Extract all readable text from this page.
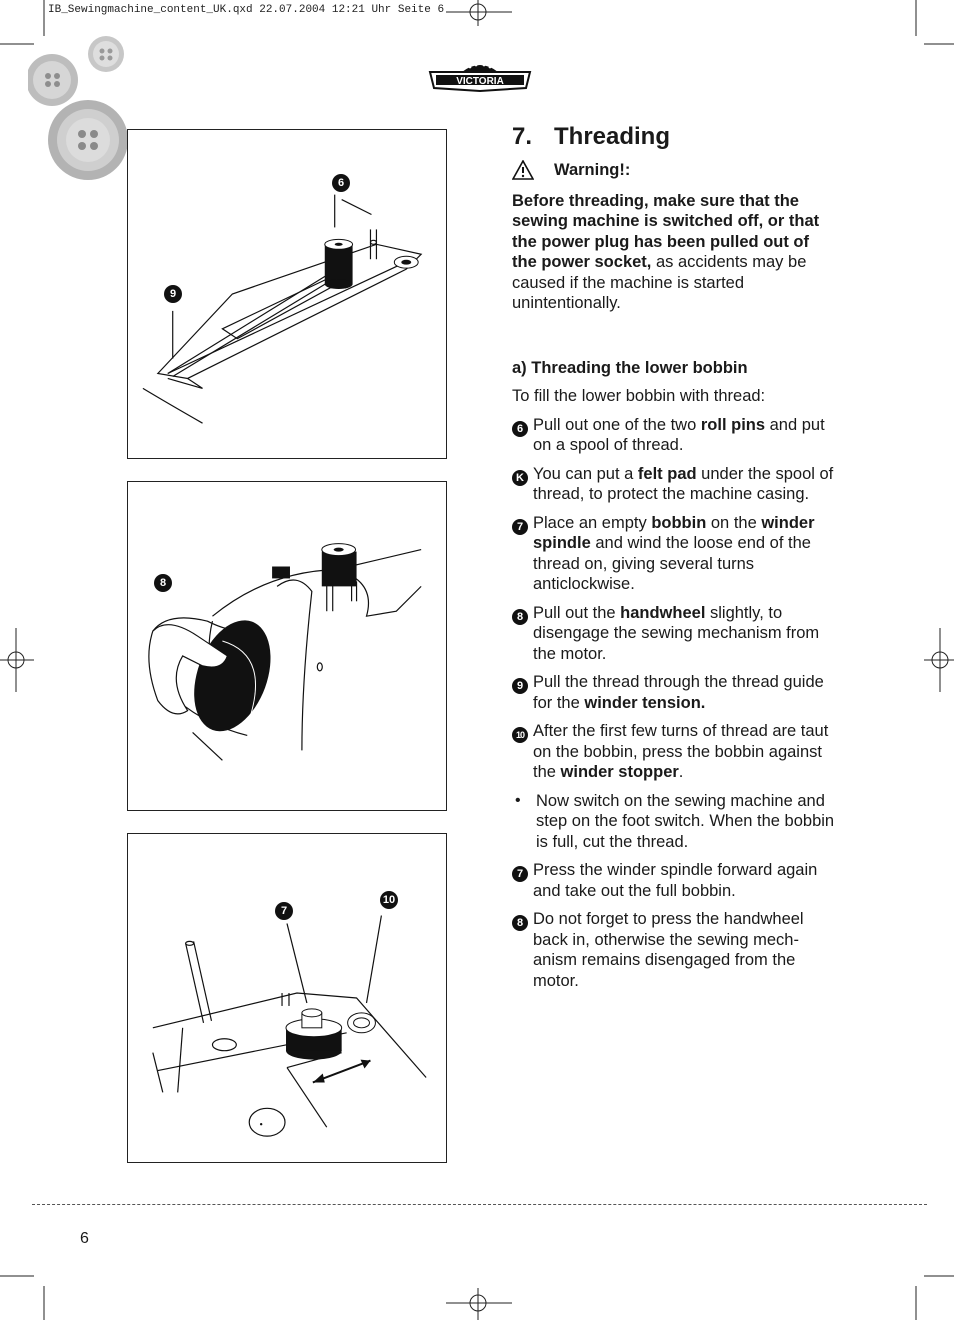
IB_Sewingmachine_content_UK.qxd 22.07.2004 12:21 Uhr Seite 6
VICTORIA
6
9
8
7
10
7. Threading
Warning!:

Before threading, make sure that the sewing machine is switched off, or that the power plug has been pulled out of the power socket, as accidents may be caused if the machine is started unintentionally.

a) Threading the lower bobbin

To fill the lower bobbin with thread:

6 Pull out one of the two roll pins and put on a spool of thread.
K You can put a felt pad under the spool of thread, to protect the machine casing.
7 Place an empty bobbin on the winder spindle and wind the loose end of the thread on, giving several turns anticlockwise.
8 Pull out the handwheel slightly, to disengage the sewing mechanism from the motor.
9 Pull the thread through the thread guide for the winder tension.
10 After the first few turns of thread are taut on the bobbin, press the bobbin against the winder stopper.
• Now switch on the sewing machine and step on the foot switch. When the bobbin is full, cut the thread.
7 Press the winder spindle forward again and take out the full bobbin.
8 Do not forget to press the handwheel back in, otherwise the sewing mech-anism remains disengaged from the motor.
6
